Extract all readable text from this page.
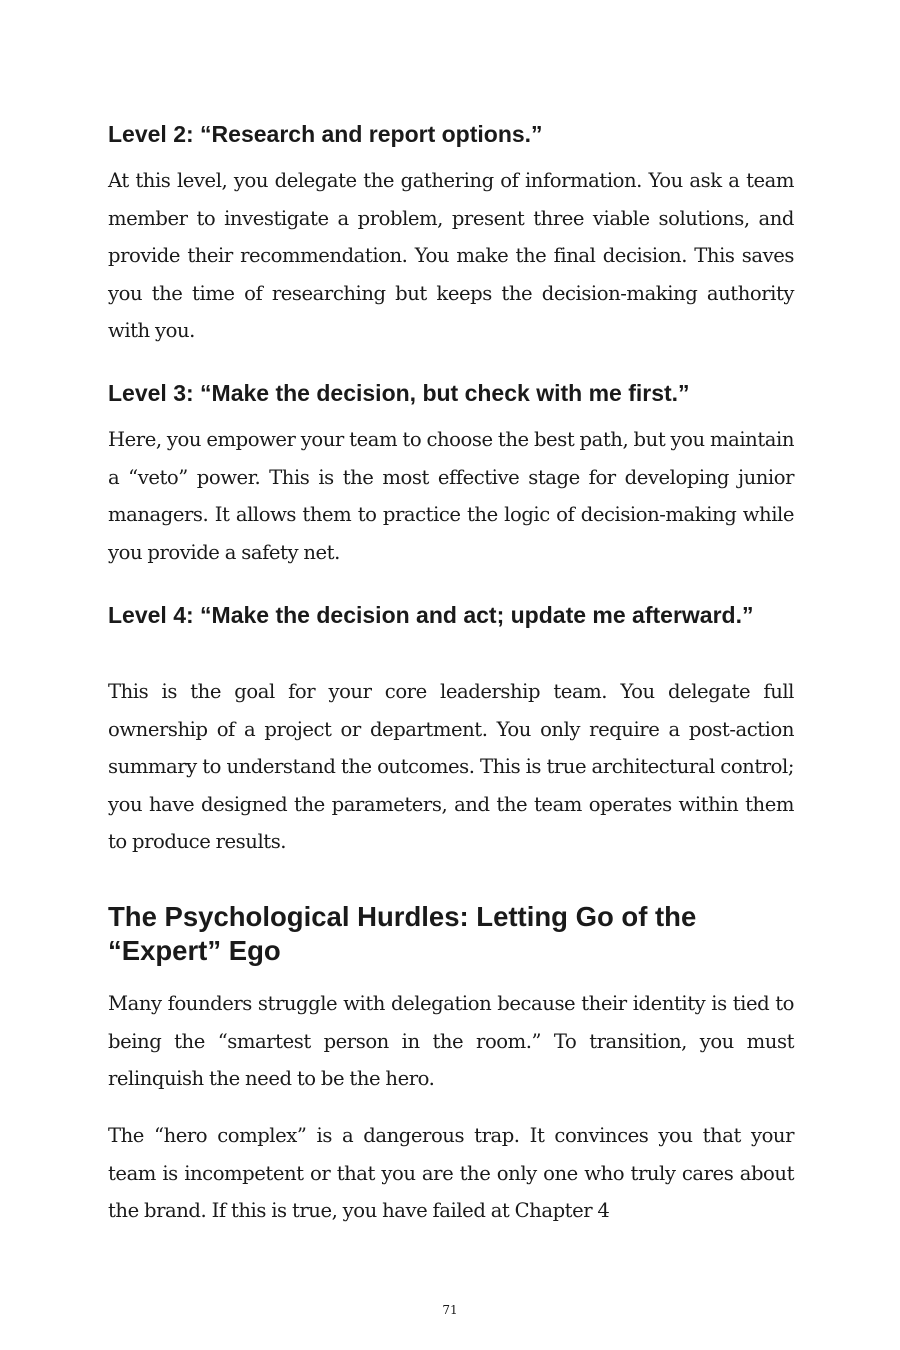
Level 2: “Research and report options.”

At this level, you delegate the gathering of information. You ask a team member to investigate a problem, present three viable solutions, and provide their recommendation. You make the final decision. This saves you the time of researching but keeps the decision-making authority with you.

Level 3: “Make the decision, but check with me first.”

Here, you empower your team to choose the best path, but you maintain a “veto” power. This is the most effective stage for developing junior managers. It allows them to practice the logic of decision-making while you provide a safety net.

Level 4: “Make the decision and act; update me afterward.”

This is the goal for your core leadership team. You delegate full ownership of a project or department. You only require a post-action summary to understand the outcomes. This is true architectural control; you have designed the parameters, and the team operates within them to produce results.

The Psychological Hurdles: Letting Go of the “Expert” Ego

Many founders struggle with delegation because their identity is tied to being the “smartest person in the room.” To transition, you must relinquish the need to be the hero.

The “hero complex” is a dangerous trap. It convinces you that your team is incompetent or that you are the only one who truly cares about the brand. If this is true, you have failed at Chapter 4

71
